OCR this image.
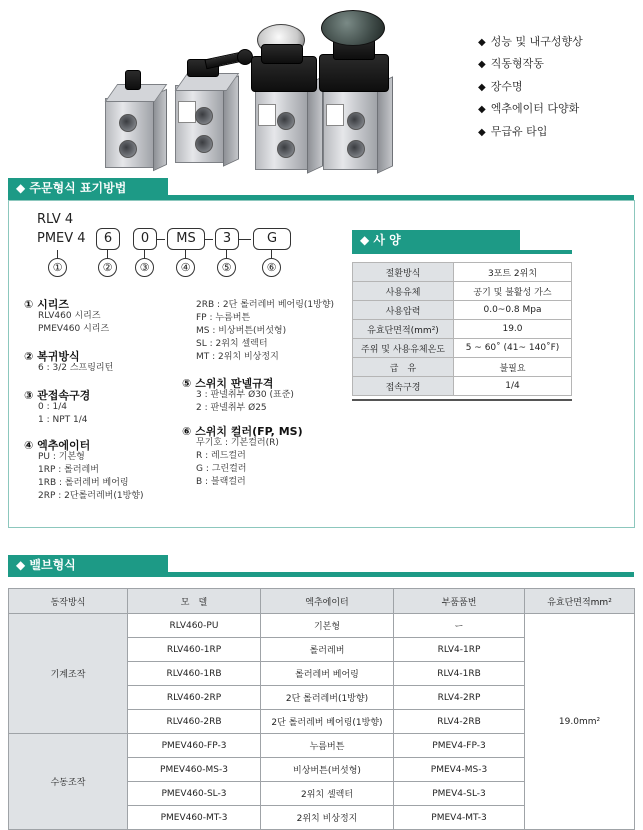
◆ 성능 및 내구성향상
◆ 직동형작동
◆ 장수명
◆ 엑추에이터 다양화
◆ 무급유 타입
◆ 주문형식 표기방법
RLV 4
PMEV 4	6	0	MS	3	G
①	②	③	④	⑤	⑥
① 시리즈
RLV460 시리즈
PMEV460 시리즈
② 복귀방식
6 : 3/2 스프링리턴
③ 관접속구경
0 : 1/4
1 : NPT 1/4
④ 엑추에이터
PU : 기본형
1RP : 롤러레버
1RB : 롤러레버 베어링
2RP : 2단롤러레버(1방향)
2RB : 2단 롤러레버 베어링(1방향)
FP : 누름버튼
MS : 비상버튼(버섯형)
SL : 2위치 셀렉터
MT : 2위치 비상정지
⑤ 스위치 판넬규격
3 : 판넬취부 Ø30 (표준)
2 : 판넬취부 Ø25
⑥ 스위치 컬러(FP, MS)
무기호 : 기본컬러(R)
R : 레드컬러
G : 그린컬러
B : 블랙컬러
◆ 사 양
절환방식	3포트 2위치
사용유체	공기 및 불활성 가스
사용압력	0.0~0.8 Mpa
유효단면적(mm²)	19.0
주위 및 사용유체온도	5 ~ 60˚ (41~ 140˚F)
급　유	불필요
접속구경	1/4
◆ 밸브형식
동작방식	모　델	엑추에이터	부품품번	유효단면적mm²
기계조작	RLV460-PU	기본형	ー	19.0mm²
	RLV460-1RP	롤러레버	RLV4-1RP	
	RLV460-1RB	롤러레버 베어링	RLV4-1RB	
	RLV460-2RP	2단 롤러레버(1방향)	RLV4-2RP	
	RLV460-2RB	2단 롤러레버 베어링(1방향)	RLV4-2RB	
수동조작	PMEV460-FP-3	누름버튼	PMEV4-FP-3	
	PMEV460-MS-3	비상버튼(버섯형)	PMEV4-MS-3	
	PMEV460-SL-3	2위치 셀렉터	PMEV4-SL-3	
	PMEV460-MT-3	2위치 비상정지	PMEV4-MT-3	
